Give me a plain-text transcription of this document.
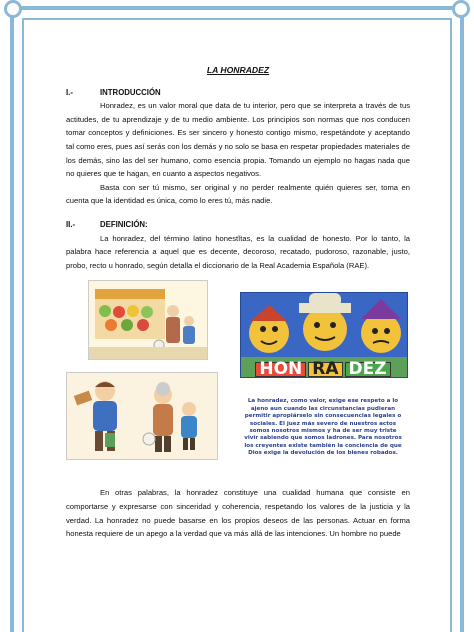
LA HONRADEZ
I.-	INTRODUCCIÓN

Honradez, es un valor moral que data de tu interior, pero que se interpreta a través de tus actitudes, de tu aprendizaje y de tu medio ambiente. Los principios son normas que nos conducen tomar conceptos y definiciones. Es ser sincero y honesto contigo mismo, respetándote y aceptando tal como eres, pues así serás con los demás y no solo se basa en respetar propiedades materiales de los demás, sino las del ser humano, como esencia propia. Tomando un ejemplo no hagas nada que no quieres que te hagan, en cuanto a aspectos negativos.

Basta con ser tú mismo, ser original y no perder realmente quién quieres ser, toma en cuenta que la identidad es única, como lo eres tú, más nadie.

II.-	DEFINICIÓN:

La honradez, del término latino honestĭtas, es la cualidad de honesto. Por lo tanto, la palabra hace referencia a aquel que es decente, decoroso, recatado, pudoroso, razonable, justo, probo, recto u honrado, según detalla el diccionario de la Real Academia Española (RAE).

HON RA DEZ
La honradez, como valor, exige ese respeto a lo ajeno aun cuando las circunstancias pudieran permitir apropiárselo sin consecuencias legales o sociales. El juez más severo de nuestros actos somos nosotros mismos y ha de ser muy triste vivir sabiendo que somos ladrones. Para nosotros los creyentes existe también la conciencia de que Dios exige la devolución de los bienes robados.

En otras palabras, la honradez constituye una cualidad humana que consiste en comportarse y expresarse con sinceridad y coherencia, respetando los valores de la justicia y la verdad. La honradez no puede basarse en los propios deseos de las personas. Actuar en forma honesta requiere de un apego a la verdad que va más allá de las intenciones. Un hombre no puede
